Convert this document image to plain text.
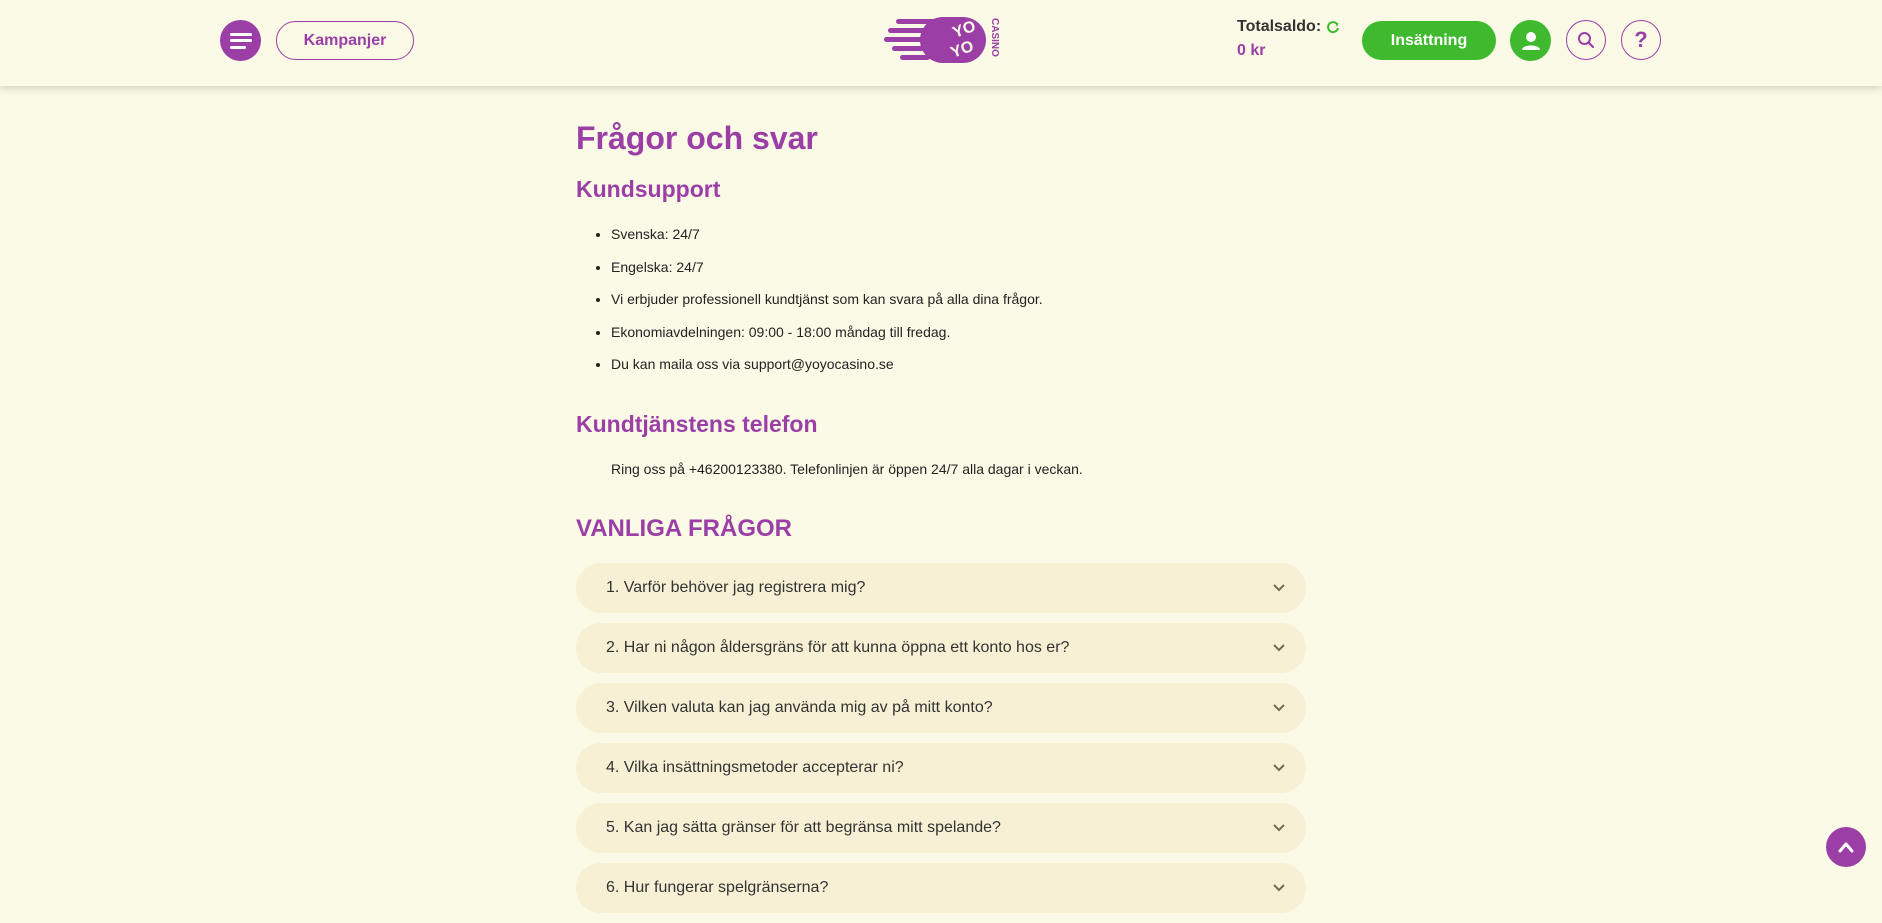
Kampanjer	YO
YO CASINO	Totalsaldo:
0 kr
Insättning	?
Frågor och svar
Kundsupport
• Svenska: 24/7
• Engelska: 24/7
• Vi erbjuder professionell kundtjänst som kan svara på alla dina frågor.
• Ekonomiavdelningen: 09:00 - 18:00 måndag till fredag.
• Du kan maila oss via support@yoyocasino.se
Kundtjänstens telefon
Ring oss på +46200123380. Telefonlinjen är öppen 24/7 alla dagar i veckan.
VANLIGA FRÅGOR
1. Varför behöver jag registrera mig?
2. Har ni någon åldersgräns för att kunna öppna ett konto hos er?
3. Vilken valuta kan jag använda mig av på mitt konto?
4. Vilka insättningsmetoder accepterar ni?
5. Kan jag sätta gränser för att begränsa mitt spelande?
6. Hur fungerar spelgränserna?
